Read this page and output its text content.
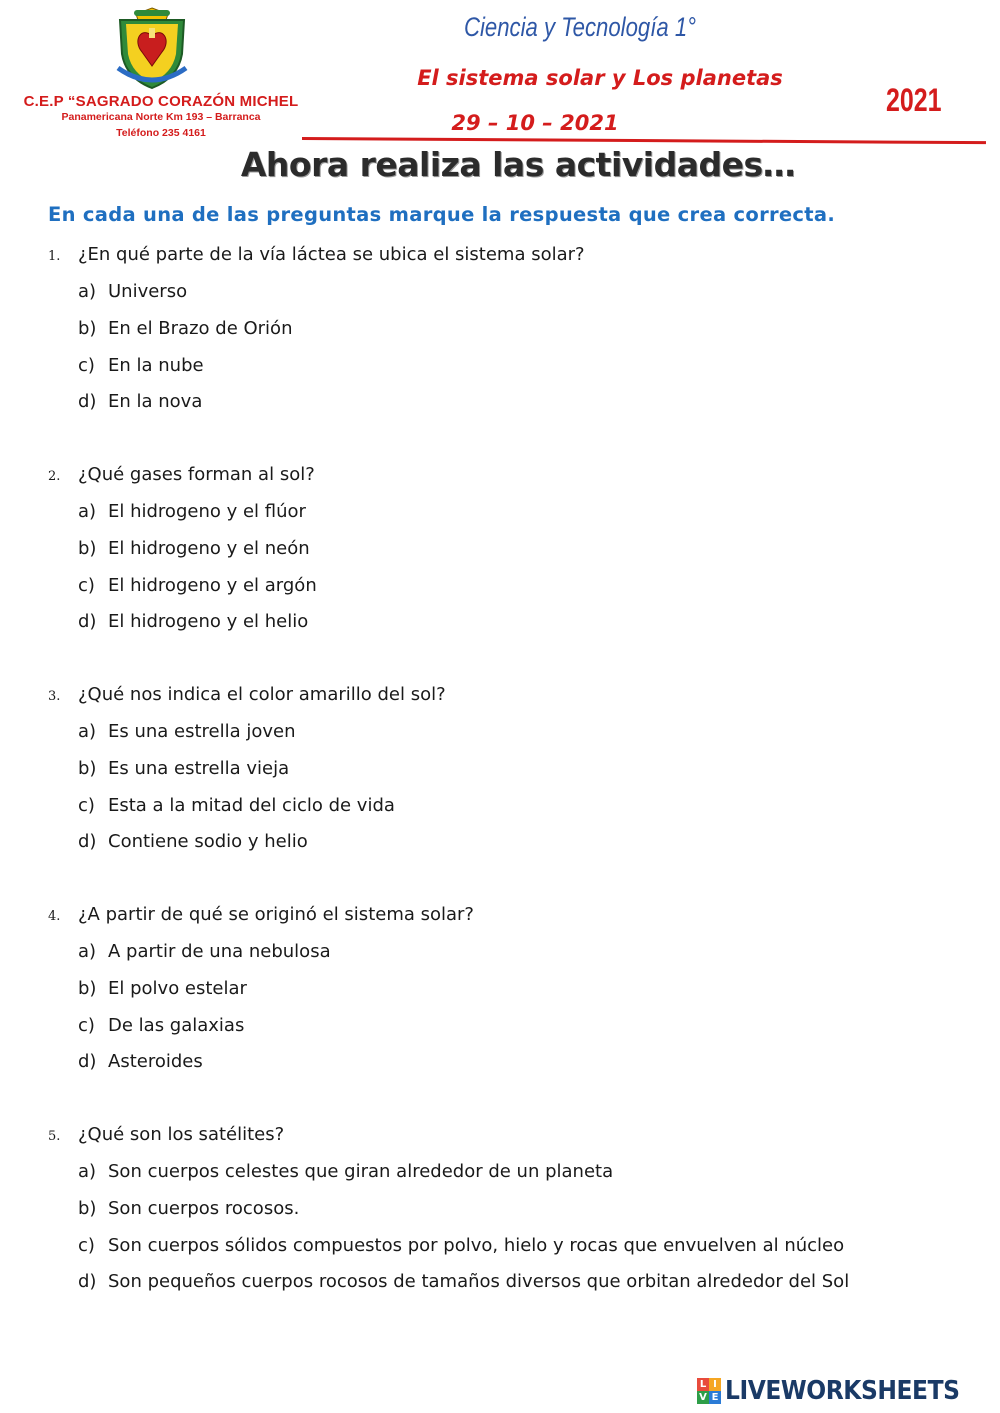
C.E.P “SAGRADO CORAZÓN MICHEL
Panamericana Norte Km 193 – Barranca
Teléfono 235 4161
Ciencia y Tecnología 1°
El sistema solar y Los planetas
29 – 10 – 2021
2021
Ahora realiza las actividades…
En cada una de las preguntas marque la respuesta que crea correcta.
1. ¿En qué parte de la vía láctea se ubica el sistema solar?
a) Universo
b) En el Brazo de Orión
c) En la nube
d) En la nova
2. ¿Qué gases forman al sol?
a) El hidrogeno y el flúor
b) El hidrogeno y el neón
c) El hidrogeno y el argón
d) El hidrogeno y el helio
3. ¿Qué nos indica el color amarillo del sol?
a) Es una estrella joven
b) Es una estrella vieja
c) Esta a la mitad del ciclo de vida
d) Contiene sodio y helio
4. ¿A partir de qué se originó el sistema solar?
a) A partir de una nebulosa
b) El polvo estelar
c) De las galaxias
d) Asteroides
5. ¿Qué son los satélites?
a) Son cuerpos celestes que giran alrededor de un planeta
b) Son cuerpos rocosos.
c) Son cuerpos sólidos compuestos por polvo, hielo y rocas que envuelven al núcleo
d) Son pequeños cuerpos rocosos de tamaños diversos que orbitan alrededor del Sol
L I
V E LIVEWORKSHEETS
